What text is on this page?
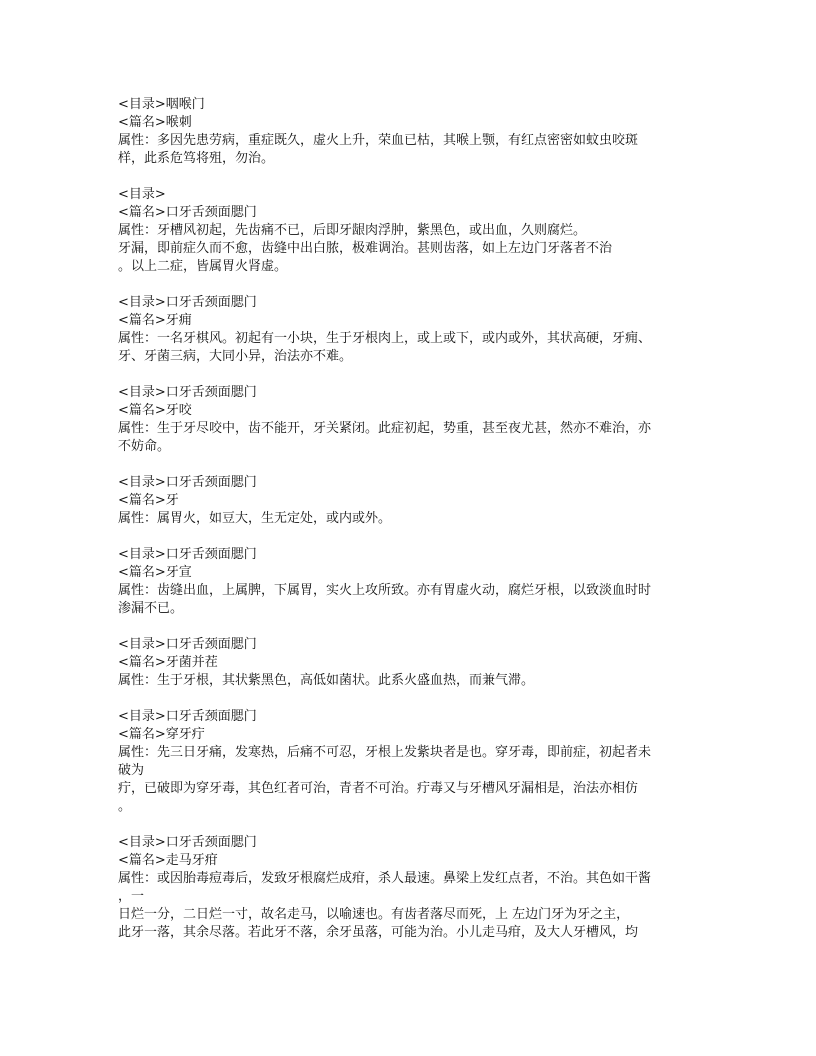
<目录>咽喉门
<篇名>喉刺
属性：多因先患劳病，重症既久，虚火上升，荣血已枯，其喉上颚，有红点密密如蚊虫咬斑
样，此系危笃将殂，勿治。
<目录>
<篇名>口牙舌颈面腮门
属性：牙槽风初起，先齿痛不已，后即牙龈肉浮肿，紫黑色，或出血，久则腐烂。
牙漏，即前症久而不愈，齿缝中出白脓，极难调治。甚则齿落，如上左边门牙落者不治
。以上二症，皆属胃火肾虚。
<目录>口牙舌颈面腮门
<篇名>牙痈
属性：一名牙棋风。初起有一小块，生于牙根肉上，或上或下，或内或外，其状高硬，牙痈、
牙、牙菌三病，大同小异，治法亦不难。
<目录>口牙舌颈面腮门
<篇名>牙咬
属性：生于牙尽咬中，齿不能开，牙关紧闭。此症初起，势重，甚至夜尤甚，然亦不难治，亦
不妨命。
<目录>口牙舌颈面腮门
<篇名>牙
属性：属胃火，如豆大，生无定处，或内或外。
<目录>口牙舌颈面腮门
<篇名>牙宣
属性：齿缝出血，上属脾，下属胃，实火上攻所致。亦有胃虚火动，腐烂牙根，以致淡血时时
渗漏不已。
<目录>口牙舌颈面腮门
<篇名>牙菌并茬
属性：生于牙根，其状紫黑色，高低如菌状。此系火盛血热，而兼气滞。
<目录>口牙舌颈面腮门
<篇名>穿牙疔
属性：先三日牙痛，发寒热，后痛不可忍，牙根上发紫块者是也。穿牙毒，即前症，初起者未
破为
疔，已破即为穿牙毒，其色红者可治，青者不可治。疔毒又与牙槽风牙漏相是，治法亦相仿
。
<目录>口牙舌颈面腮门
<篇名>走马牙疳
属性：或因胎毒痘毒后，发致牙根腐烂成疳，杀人最速。鼻梁上发红点者，不治。其色如干酱
，一
日烂一分，二日烂一寸，故名走马，以喻速也。有齿者落尽而死，上 左边门牙为牙之主，
此牙一落，其余尽落。若此牙不落，余牙虽落，可能为治。小儿走马疳，及大人牙槽风，均
